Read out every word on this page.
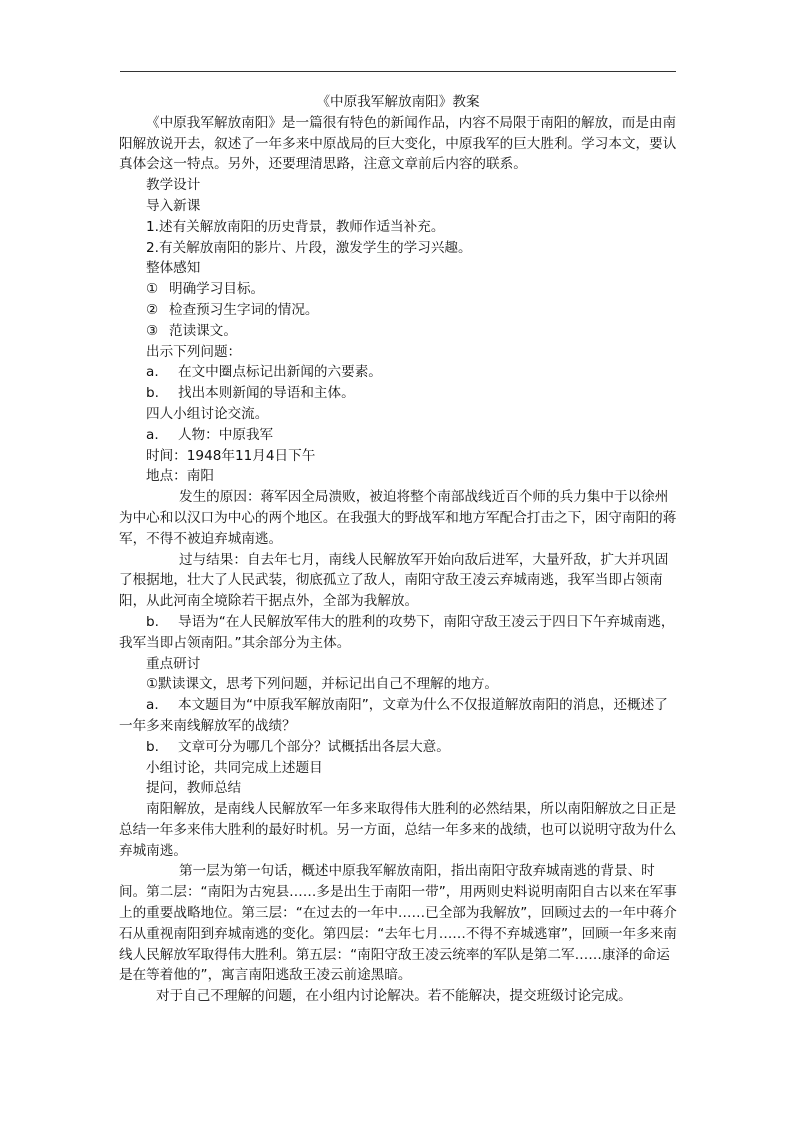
《中原我军解放南阳》教案

《中原我军解放南阳》是一篇很有特色的新闻作品，内容不局限于南阳的解放，而是由南阳解放说开去，叙述了一年多来中原战局的巨大变化，中原我军的巨大胜利。学习本文，要认真体会这一特点。另外，还要理清思路，注意文章前后内容的联系。

教学设计

导入新课

1.述有关解放南阳的历史背景，教师作适当补充。

2.有关解放南阳的影片、片段，激发学生的学习兴趣。

整体感知

① 明确学习目标。
② 检查预习生字词的情况。
③ 范读课文。

出示下列问题：

a.	在文中圈点标记出新闻的六要素。
b.	找出本则新闻的导语和主体。

四人小组讨论交流。

a.	人物：中原我军

时间：1948年11月4日下午

地点：南阳

发生的原因：蒋军因全局溃败，被迫将整个南部战线近百个师的兵力集中于以徐州为中心和以汉口为中心的两个地区。在我强大的野战军和地方军配合打击之下，困守南阳的蒋军，不得不被迫弃城南逃。

过与结果：自去年七月，南线人民解放军开始向敌后进军，大量歼敌，扩大并巩固了根据地，壮大了人民武装，彻底孤立了敌人，南阳守敌王凌云弃城南逃，我军当即占领南阳，从此河南全境除若干据点外，全部为我解放。

b. 导语为“在人民解放军伟大的胜利的攻势下，南阳守敌王凌云于四日下午弃城南逃，我军当即占领南阳。”其余部分为主体。

重点研讨

①默读课文，思考下列问题，并标记出自己不理解的地方。

a. 本文题目为“中原我军解放南阳”，文章为什么不仅报道解放南阳的消息，还概述了一年多来南线解放军的战绩？

b.	文章可分为哪几个部分？试概括出各层大意。

小组讨论，共同完成上述题目

提问，教师总结

南阳解放，是南线人民解放军一年多来取得伟大胜利的必然结果，所以南阳解放之日正是总结一年多来伟大胜利的最好时机。另一方面，总结一年多来的战绩，也可以说明守敌为什么弃城南逃。

第一层为第一句话，概述中原我军解放南阳，指出南阳守敌弃城南逃的背景、时间。第二层：“南阳为古宛县……多是出生于南阳一带”，用两则史料说明南阳自古以来在军事上的重要战略地位。第三层：“在过去的一年中……已全部为我解放”，回顾过去的一年中蒋介石从重视南阳到弃城南逃的变化。第四层：“去年七月……不得不弃城逃窜”，回顾一年多来南线人民解放军取得伟大胜利。第五层：“南阳守敌王凌云统率的军队是第二军……康泽的命运是在等着他的”，寓言南阳逃敌王凌云前途黑暗。

对于自己不理解的问题，在小组内讨论解决。若不能解决，提交班级讨论完成。
